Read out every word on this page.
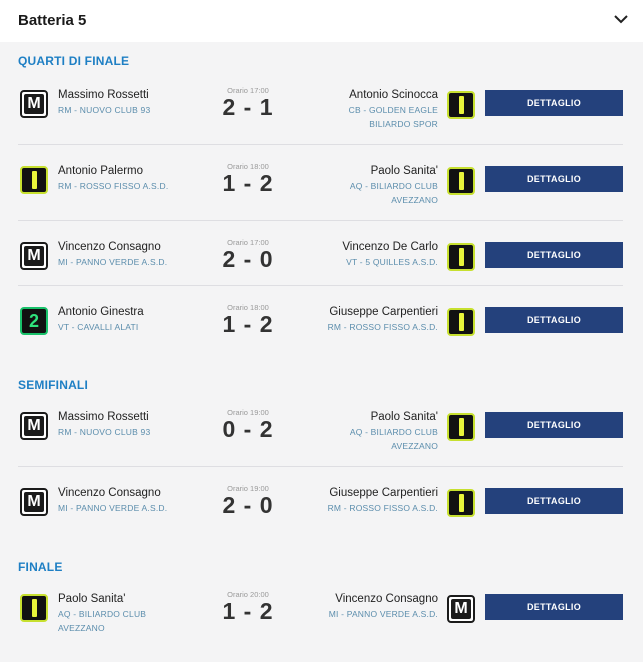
Batteria 5
QUARTI DI FINALE
M Massimo Rossetti
RM - NUOVO CLUB 93
Orario 17:00
2 - 1	Antonio Scinocca
CB - GOLDEN EAGLE
BILIARDO SPOR
DETTAGLIO
Antonio Palermo
RM - ROSSO FISSO A.S.D.
Orario 18:00
1 - 2	Paolo Sanita'
AQ - BILIARDO CLUB
AVEZZANO
DETTAGLIO
M Vincenzo Consagno
MI - PANNO VERDE A.S.D.
Orario 17:00
2 - 0	Vincenzo De Carlo
VT - 5 QUILLES A.S.D.
DETTAGLIO
2	Antonio Ginestra
VT - CAVALLI ALATI
Orario 18:00
1 - 2	Giuseppe Carpentieri
RM - ROSSO FISSO A.S.D.
DETTAGLIO
SEMIFINALI
M Massimo Rossetti
RM - NUOVO CLUB 93
Orario 19:00
0 - 2	Paolo Sanita'
AQ - BILIARDO CLUB
AVEZZANO
DETTAGLIO
M Vincenzo Consagno
MI - PANNO VERDE A.S.D.
Orario 19:00
2 - 0	Giuseppe Carpentieri
RM - ROSSO FISSO A.S.D.
DETTAGLIO
FINALE
Paolo Sanita'
AQ - BILIARDO CLUB
AVEZZANO
Orario 20:00
1 - 2	Vincenzo Consagno
MI - PANNO VERDE A.S.D. M	DETTAGLIO
